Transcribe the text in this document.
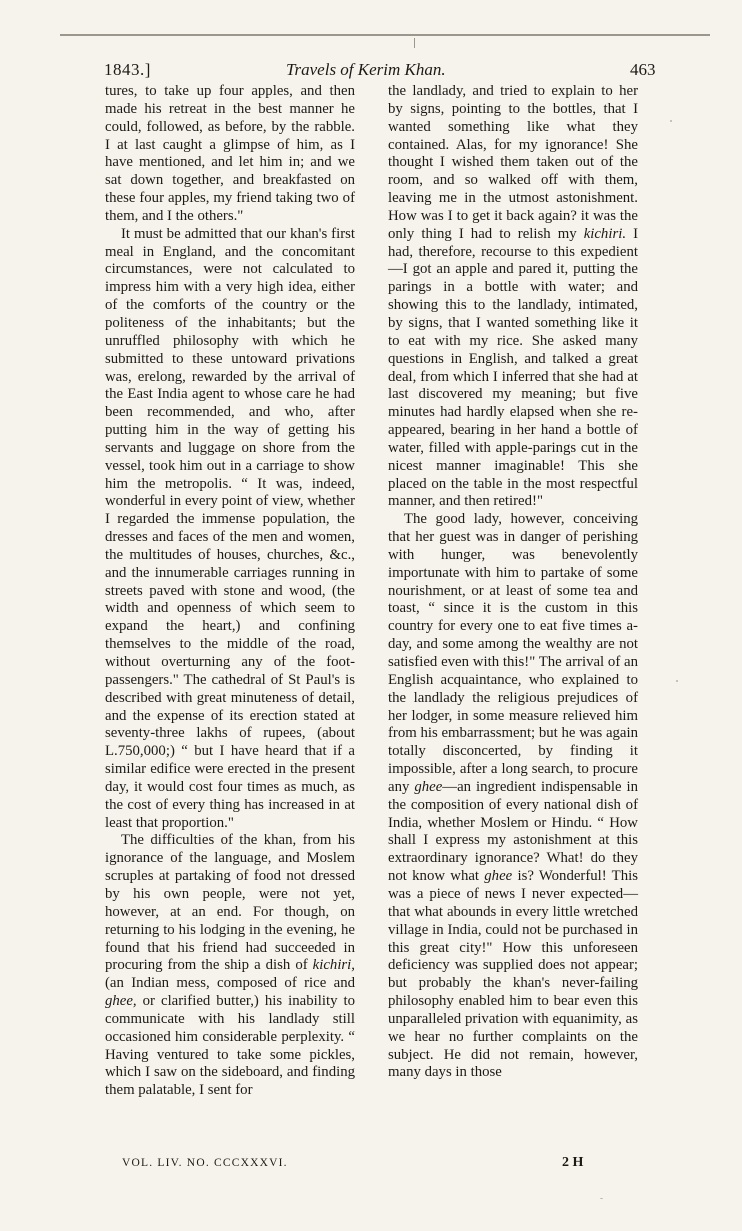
1843.]	Travels of Kerim Khan.	463

tures, to take up four apples, and then made his retreat in the best manner he could, followed, as before, by the rabble. I at last caught a glimpse of him, as I have mentioned, and let him in; and we sat down together, and breakfasted on these four apples, my friend taking two of them, and I the others."

It must be admitted that our khan's first meal in England, and the concomitant circumstances, were not calculated to impress him with a very high idea, either of the comforts of the country or the politeness of the inhabitants; but the unruffled philosophy with which he submitted to these untoward privations was, erelong, rewarded by the arrival of the East India agent to whose care he had been recommended, and who, after putting him in the way of getting his servants and luggage on shore from the vessel, took him out in a carriage to show him the metropolis. “ It was, indeed, wonderful in every point of view, whether I regarded the immense population, the dresses and faces of the men and women, the multitudes of houses, churches, &c., and the innumerable carriages running in streets paved with stone and wood, (the width and openness of which seem to expand the heart,) and confining themselves to the middle of the road, without overturning any of the foot-passengers." The cathedral of St Paul's is described with great minuteness of detail, and the expense of its erection stated at seventy-three lakhs of rupees, (about L.750,000;) “ but I have heard that if a similar edifice were erected in the present day, it would cost four times as much, as the cost of every thing has increased in at least that proportion."

The difficulties of the khan, from his ignorance of the language, and Moslem scruples at partaking of food not dressed by his own people, were not yet, however, at an end. For though, on returning to his lodging in the evening, he found that his friend had succeeded in procuring from the ship a dish of kichiri, (an Indian mess, composed of rice and ghee, or clarified butter,) his inability to communicate with his landlady still occasioned him considerable perplexity. “ Having ventured to take some pickles, which I saw on the sideboard, and finding them palatable, I sent for

the landlady, and tried to explain to her by signs, pointing to the bottles, that I wanted something like what they contained. Alas, for my ignorance! She thought I wished them taken out of the room, and so walked off with them, leaving me in the utmost astonishment. How was I to get it back again? it was the only thing I had to relish my kichiri. I had, therefore, recourse to this expedient—I got an apple and pared it, putting the parings in a bottle with water; and showing this to the landlady, intimated, by signs, that I wanted something like it to eat with my rice. She asked many questions in English, and talked a great deal, from which I inferred that she had at last discovered my meaning; but five minutes had hardly elapsed when she re-appeared, bearing in her hand a bottle of water, filled with apple-parings cut in the nicest manner imaginable! This she placed on the table in the most respectful manner, and then retired!"

The good lady, however, conceiving that her guest was in danger of perishing with hunger, was benevolently importunate with him to partake of some nourishment, or at least of some tea and toast, “ since it is the custom in this country for every one to eat five times a-day, and some among the wealthy are not satisfied even with this!" The arrival of an English acquaintance, who explained to the landlady the religious prejudices of her lodger, in some measure relieved him from his embarrassment; but he was again totally disconcerted, by finding it impossible, after a long search, to procure any ghee—an ingredient indispensable in the composition of every national dish of India, whether Moslem or Hindu. “ How shall I express my astonishment at this extraordinary ignorance? What! do they not know what ghee is? Wonderful! This was a piece of news I never expected—that what abounds in every little wretched village in India, could not be purchased in this great city!" How this unforeseen deficiency was supplied does not appear; but probably the khan's never-failing philosophy enabled him to bear even this unparalleled privation with equanimity, as we hear no further complaints on the subject. He did not remain, however, many days in those

VOL. LIV. NO. CCCXXXVI.	2 H
